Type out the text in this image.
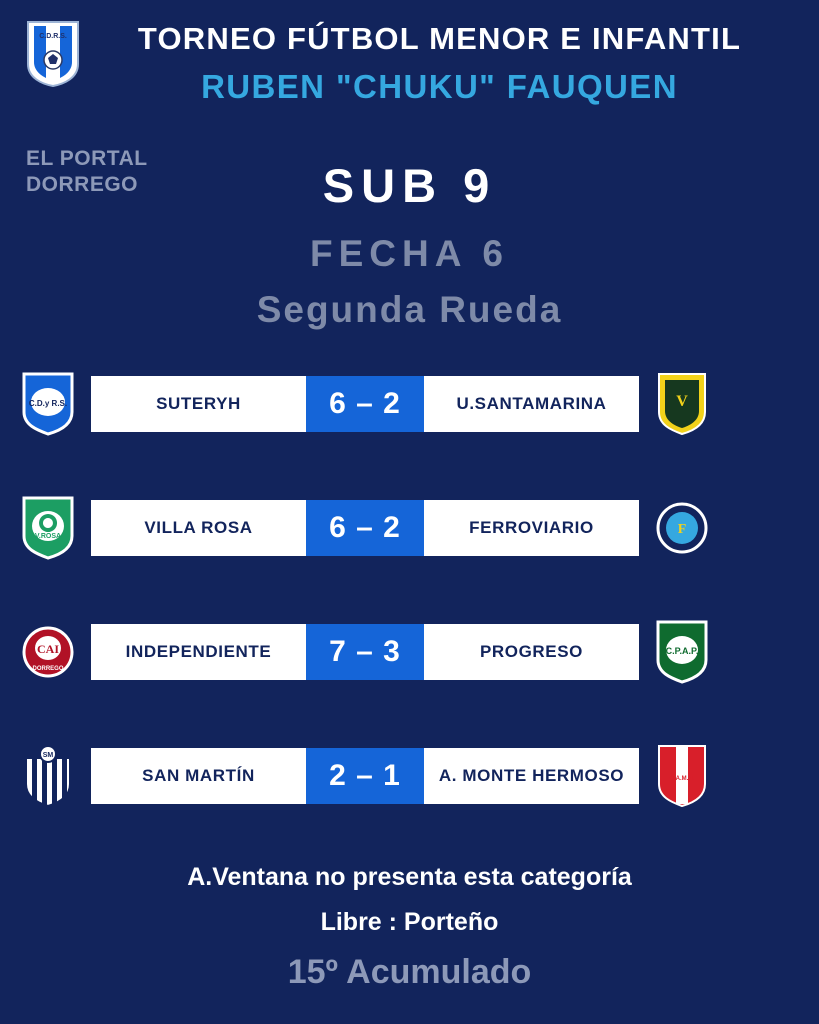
C.D.R.S.	TORNEO FÚTBOL MENOR E INFANTIL
RUBEN "CHUKU" FAUQUEN
EL PORTAL
DORREGO	SUB 9
FECHA 6
Segunda Rueda
C.D.y R.S.	SUTERYH	6 – 2	U.SANTAMARINA	V
V.ROSA	VILLA ROSA	6 – 2	FERROVIARIO	F
CAI
DORREGO
INDEPENDIENTE	7 – 3	PROGRESO	C.P.A.P.
SM
SAN MARTÍN	2 – 1	A. MONTE HERMOSO	C.A.M.H.
A.Ventana no presenta esta categoría
Libre : Porteño
15º Acumulado
